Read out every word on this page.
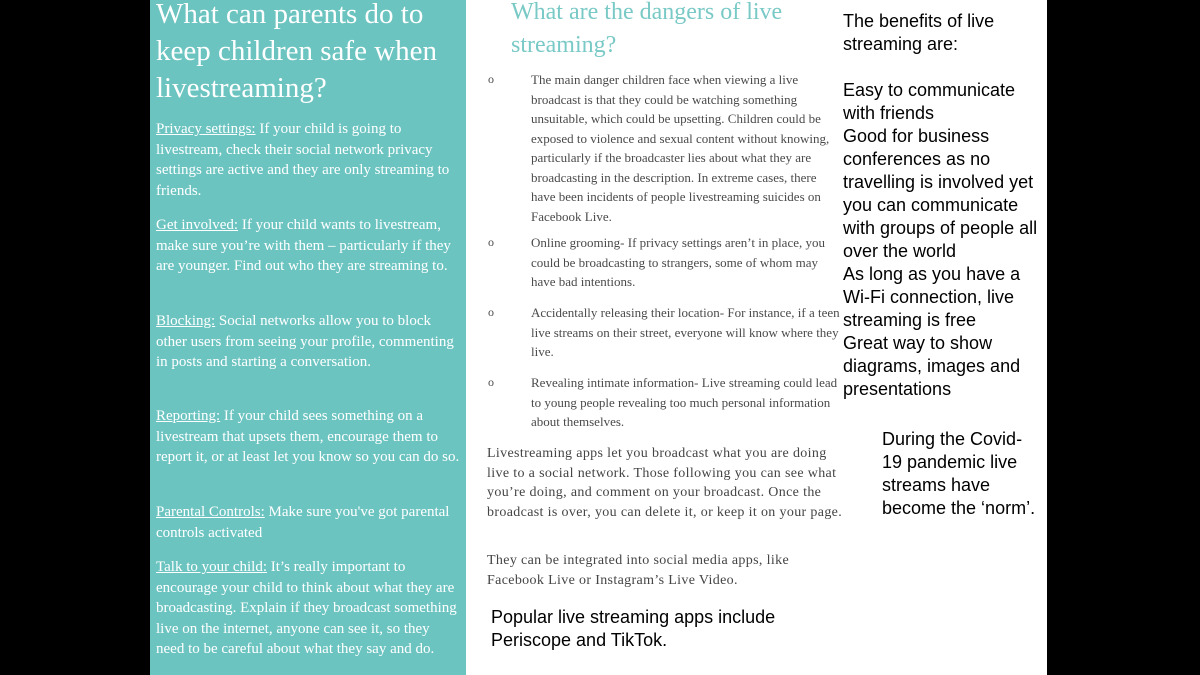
What can parents do to keep children safe when livestreaming?

Privacy settings: If your child is going to livestream, check their social network privacy settings are active and they are only streaming to friends.

Get involved: If your child wants to livestream, make sure you’re with them – particularly if they are younger. Find out who they are streaming to.

Blocking: Social networks allow you to block other users from seeing your profile, commenting in posts and starting a conversation.

Reporting: If your child sees something on a livestream that upsets them, encourage them to report it, or at least let you know so you can do so.

Parental Controls: Make sure you've got parental controls activated

Talk to your child: It’s really important to encourage your child to think about what they are broadcasting. Explain if they broadcast something live on the internet, anyone can see it, so they need to be careful about what they say and do.

What are the dangers of live streaming?
o	The main danger children face when viewing a live broadcast is that they could be watching something unsuitable, which could be upsetting. Children could be exposed to violence and sexual content without knowing, particularly if the broadcaster lies about what they are broadcasting in the description. In extreme cases, there have been incidents of people livestreaming suicides on Facebook Live.
o	Online grooming- If privacy settings aren’t in place, you could be broadcasting to strangers, some of whom may have bad intentions.
o	Accidentally releasing their location- For instance, if a teen live streams on their street, everyone will know where they live.
o	Revealing intimate information- Live streaming could lead to young people revealing too much personal information about themselves.

Livestreaming apps let you broadcast what you are doing live to a social network. Those following you can see what you’re doing, and comment on your broadcast. Once the broadcast is over, you can delete it, or keep it on your page.

They can be integrated into social media apps, like Facebook Live or Instagram’s Live Video.

Popular live streaming apps include Periscope and TikTok.

The benefits of live streaming are:
Easy to communicate with friends
Good for business conferences as no travelling is involved yet you can communicate with groups of people all over the world
As long as you have a Wi-Fi connection, live streaming is free
Great way to show diagrams, images and presentations

During the Covid-19 pandemic live streams have become the ‘norm’.
